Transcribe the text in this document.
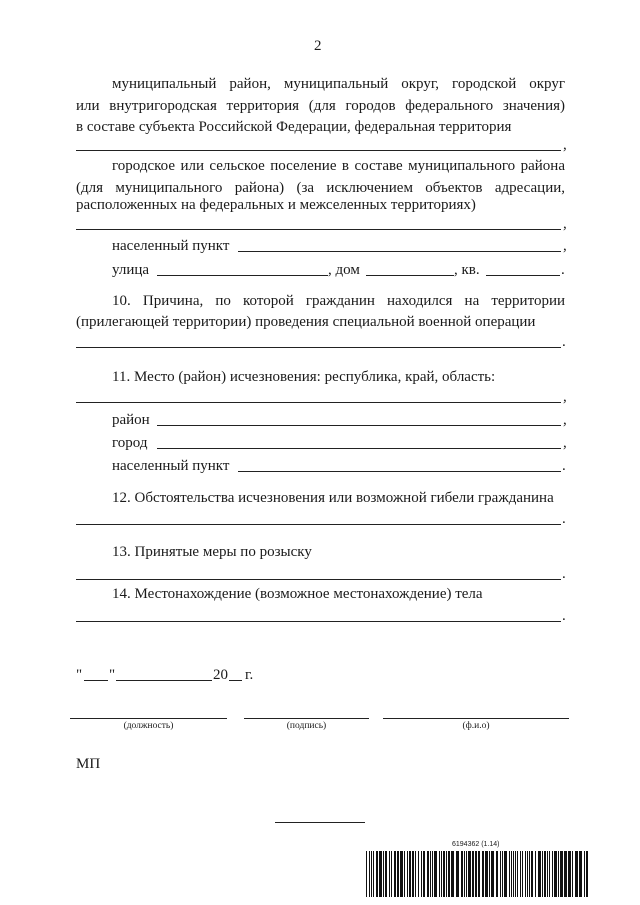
2
муниципальный район, муниципальный округ, городской округ
или внутригородская территория (для городов федерального значения)
в составе субъекта Российской Федерации, федеральная территория
,
городское или сельское поселение в составе муниципального района
(для муниципального района) (за исключением объектов адресации,
расположенных на федеральных и межселенных территориях)
,
населенный пункт	,
улица	, дом	, кв.	.
10. Причина, по которой гражданин находился на территории
(прилегающей территории) проведения специальной военной операции
.
11. Место (район) исчезновения: республика, край, область:
,
район	,
город	,
населенный пункт	.
12. Обстоятельства исчезновения или возможной гибели гражданина
.
13. Принятые меры по розыску
.
14. Местонахождение (возможное местонахождение) тела
.
" "	20 г.
(должность)	(подпись)	(ф.и.о)
МП
6194362 (1.14)
